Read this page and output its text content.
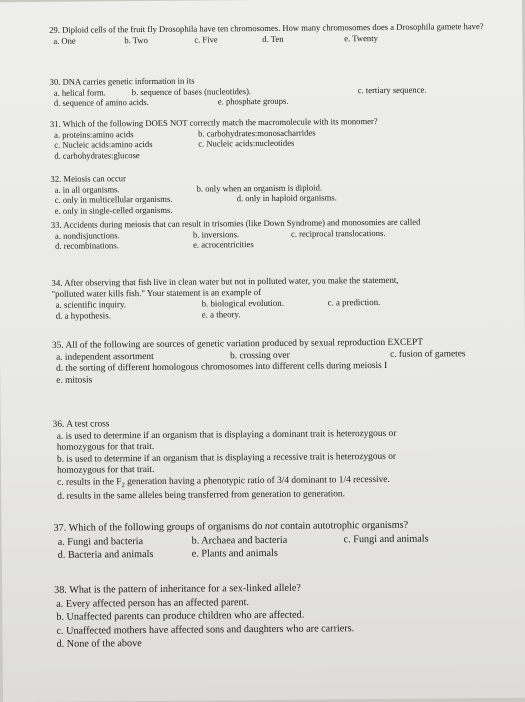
29. Diploid cells of the fruit fly Drosophila have ten chromosomes. How many chromosomes does a Drosophila gamete have?
a. One	b. Two	c. Five	d. Ten	e. Twenty
30. DNA carries genetic information in its
a. helical form.	b. sequence of bases (nucleotides).	c. tertiary sequence.
d. sequence of amino acids.	e. phosphate groups.
31. Which of the following DOES NOT correctly match the macromolecule with its monomer?
a. proteins:amino acids	b. carbohydrates:monosacharrides
c. Nucleic acids:amino acids	c. Nucleic acids:nucleotides
d. carbohydrates:glucose
32. Meiosis can occur
a. in all organisms.	b. only when an organism is diploid.
c. only in multicellular organisms.	d. only in haploid organisms.
e. only in single-celled organisms.
33. Accidents during meiosis that can result in trisomies (like Down Syndrome) and monosomies are called
a. nondisjunctions.	b. inversions.	c. reciprocal translocations.
d. recombinations.	e. acrocentricities
34. After observing that fish live in clean water but not in polluted water, you make the statement,
"polluted water kills fish." Your statement is an example of
a. scientific inquiry.	b. biological evolution.	c. a prediction.
d. a hypothesis.	e. a theory.
35. All of the following are sources of genetic variation produced by sexual reproduction EXCEPT
a. independent assortment	b. crossing over	c. fusion of gametes
d. the sorting of different homologous chromosomes into different cells during meiosis I
e. mitosis
36. A test cross
a. is used to determine if an organism that is displaying a dominant trait is heterozygous or
homozygous for that trait.
b. is used to determine if an organism that is displaying a recessive trait is heterozygous or
homozygous for that trait.
c. results in the $F_2$ generation having a phenotypic ratio of 3/4 dominant to 1/4 recessive.
d. results in the same alleles being transferred from generation to generation.
37. Which of the following groups of organisms do not contain autotrophic organisms?
a. Fungi and bacteria	b. Archaea and bacteria	c. Fungi and animals
d. Bacteria and animals	e. Plants and animals
38. What is the pattern of inheritance for a sex-linked allele?
a. Every affected person has an affected parent.
b. Unaffected parents can produce children who are affected.
c. Unaffected mothers have affected sons and daughters who are carriers.
d. None of the above
